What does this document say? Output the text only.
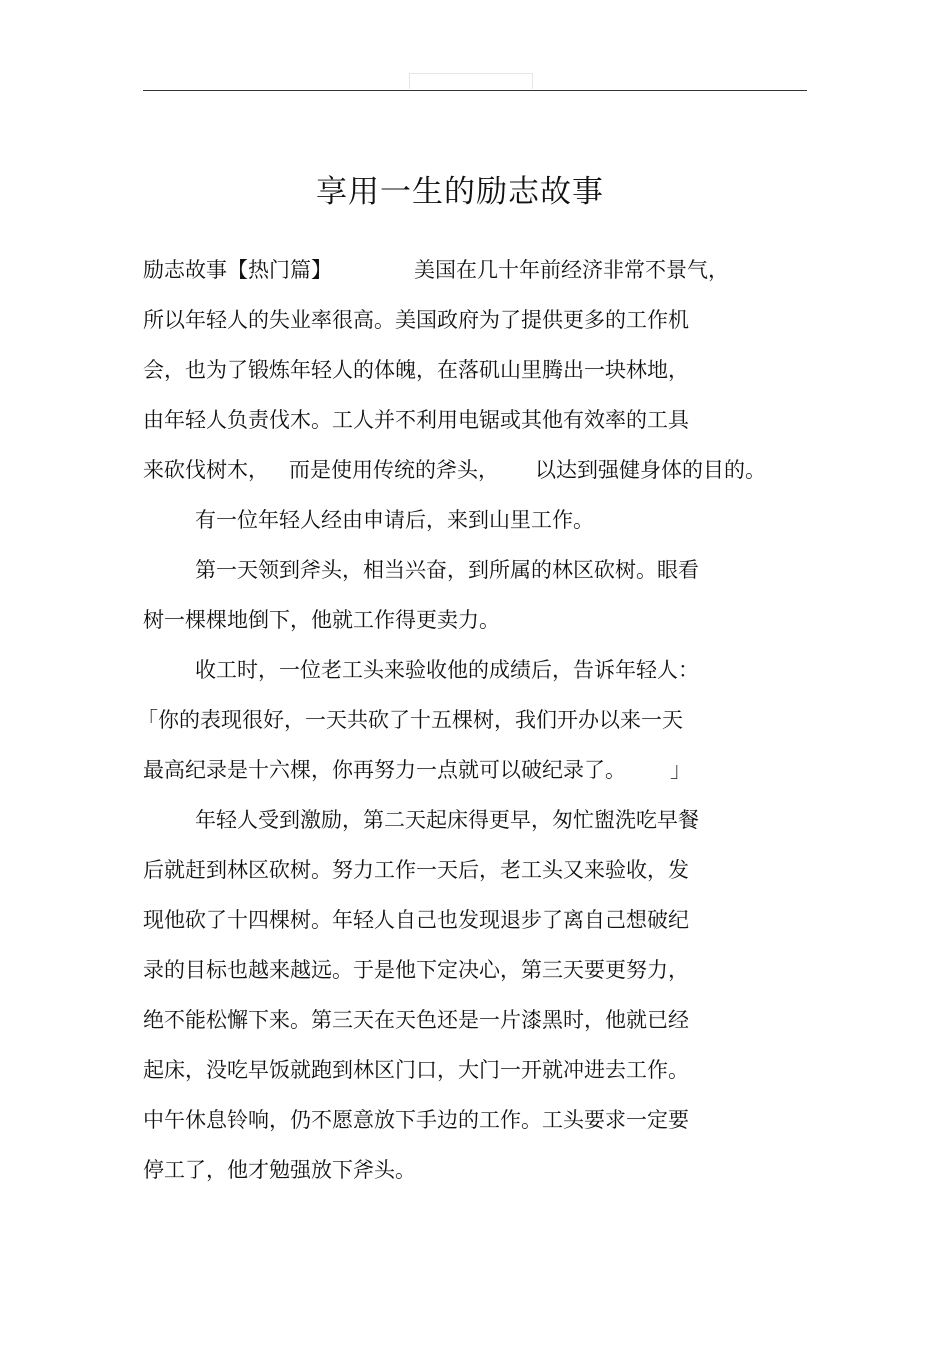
享用一生的励志故事
励志故事【热门篇】	美国在几十年前经济非常不景气，
所以年轻人的失业率很高。美国政府为了提供更多的工作机
会，也为了锻炼年轻人的体魄，在落矶山里腾出一块林地，
由年轻人负责伐木。工人并不利用电锯或其他有效率的工具
来砍伐树木， 而是使用传统的斧头， 以达到强健身体的目的。
有一位年轻人经由申请后，来到山里工作。
第一天领到斧头，相当兴奋，到所属的林区砍树。眼看
树一棵棵地倒下，他就工作得更卖力。
收工时，一位老工头来验收他的成绩后，告诉年轻人：
「你的表现很好，一天共砍了十五棵树，我们开办以来一天
最高纪录是十六棵，你再努力一点就可以破纪录了。 」
年轻人受到激励，第二天起床得更早，匆忙盥洗吃早餐
后就赶到林区砍树。努力工作一天后，老工头又来验收，发
现他砍了十四棵树。年轻人自己也发现退步了离自己想破纪
录的目标也越来越远。于是他下定决心，第三天要更努力，
绝不能松懈下来。第三天在天色还是一片漆黑时，他就已经
起床，没吃早饭就跑到林区门口，大门一开就冲进去工作。
中午休息铃响，仍不愿意放下手边的工作。工头要求一定要
停工了，他才勉强放下斧头。
